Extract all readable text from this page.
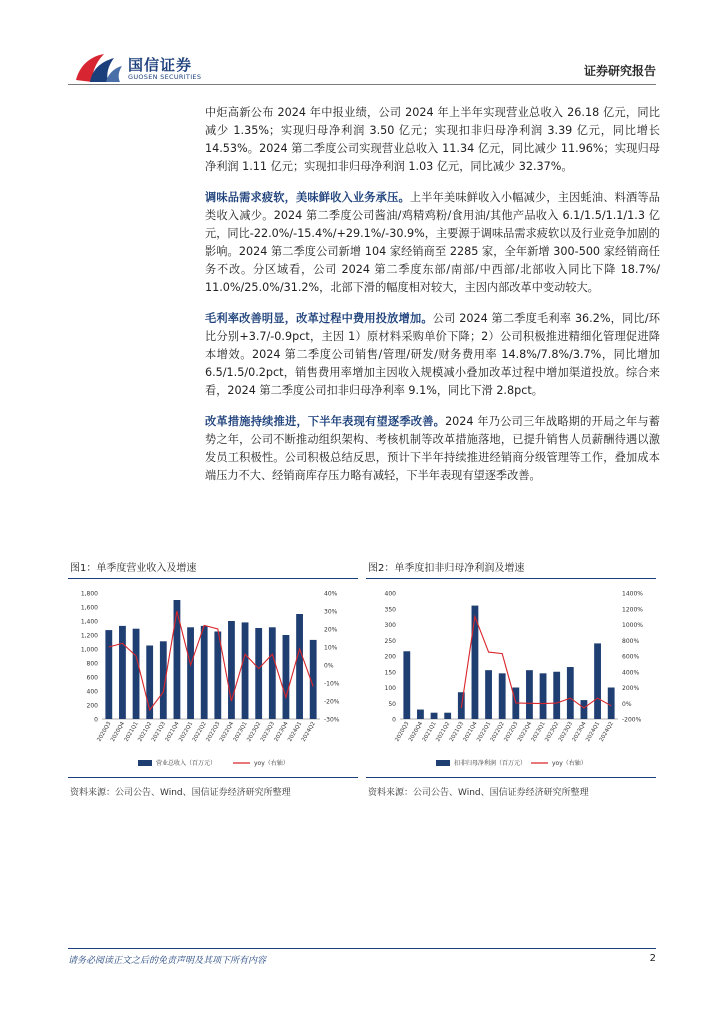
国信证券
GUOSEN SECURITIES	证券研究报告

中炬高新公布 2024 年中报业绩，公司 2024 年上半年实现营业总收入 26.18 亿元，同比减少 1.35%；实现归母净利润 3.50 亿元；实现扣非归母净利润 3.39 亿元，同比增长 14.53%。2024 第二季度公司实现营业总收入 11.34 亿元，同比减少 11.96%；实现归母净利润 1.11 亿元；实现扣非归母净利润 1.03 亿元，同比减少 32.37%。

调味品需求疲软，美味鲜收入业务承压。上半年美味鲜收入小幅减少，主因蚝油、料酒等品类收入减少。2024 第二季度公司酱油/鸡精鸡粉/食用油/其他产品收入 6.1/1.5/1.1/1.3 亿元，同比-22.0%/-15.4%/+29.1%/-30.9%，主要源于调味品需求疲软以及行业竞争加剧的影响。2024 第二季度公司新增 104 家经销商至 2285 家，全年新增 300-500 家经销商任务不改。分区域看，公司 2024 第二季度东部/南部/中西部/北部收入同比下降 18.7%/ 11.0%/25.0%/31.2%，北部下滑的幅度相对较大，主因内部改革中变动较大。

毛利率改善明显，改革过程中费用投放增加。公司 2024 第二季度毛利率 36.2%，同比/环比分别+3.7/-0.9pct，主因 1）原材料采购单价下降；2）公司积极推进精细化管理促进降本增效。2024 第二季度公司销售/管理/研发/财务费用率 14.8%/7.8%/3.7%，同比增加 6.5/1.5/0.2pct，销售费用率增加主因收入规模减小叠加改革过程中增加渠道投放。综合来看，2024 第二季度公司扣非归母净利率 9.1%，同比下滑 2.8pct。

改革措施持续推进，下半年表现有望逐季改善。2024 年乃公司三年战略期的开局之年与蓄势之年，公司不断推动组织架构、考核机制等改革措施落地，已提升销售人员薪酬待遇以激发员工积极性。公司积极总结反思，预计下半年持续推进经销商分级管理等工作，叠加成本端压力不大、经销商库存压力略有减轻，下半年表现有望逐季改善。

图1：单季度营业收入及增速
0
200
400
600
800
1,000
1,200
1,400
1,600
1,800	40%
30%
20%
10%
0%
-10%
-20%
-30%
2020Q3
2020Q4
2021Q1
2021Q2
2021Q3
2021Q4
2022Q1
2022Q2
2022Q3
2022Q4
2023Q1
2023Q2
2023Q3
2023Q4
2024Q1
2024Q2
营业总收入（百万元）	yoy（右轴）
资料来源：公司公告、Wind、国信证券经济研究所整理
图2：单季度扣非归母净利润及增速
0
50
100
150
200
250
300
350
400	1400%
1200%
1000%
800%
600%
400%
200%
0%
-200%
2020Q3
2020Q4
2021Q1
2021Q2
2021Q3
2021Q4
2022Q1
2022Q2
2022Q3
2022Q4
2023Q1
2023Q2
2023Q3
2023Q4
2024Q1
2024Q2
扣非归母净利润（百万元）	yoy（右轴）
资料来源：公司公告、Wind、国信证券经济研究所整理
请务必阅读正文之后的免责声明及其项下所有内容	2
